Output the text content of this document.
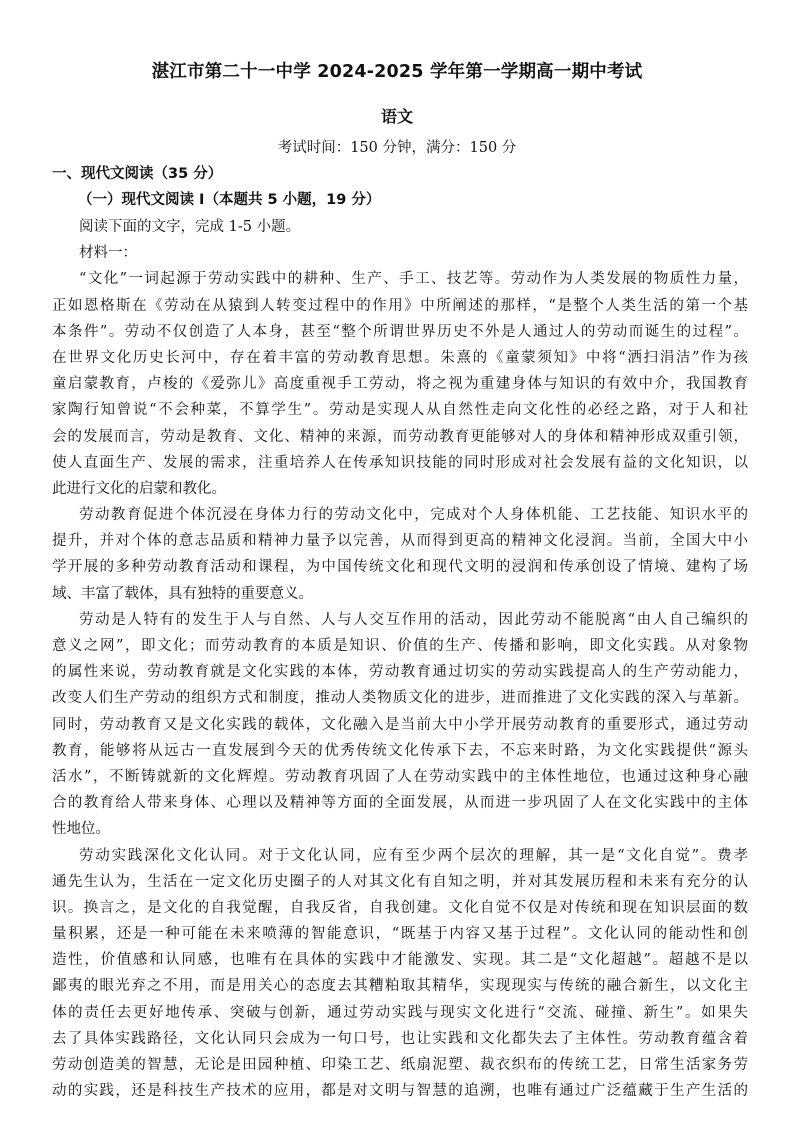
湛江市第二十一中学 2024-2025 学年第一学期高一期中考试
语文
考试时间：150 分钟，满分：150 分
一、现代文阅读（35 分）
（一）现代文阅读 I（本题共 5 小题，19 分）
阅读下面的文字，完成 1-5 小题。
材料一：
“文化”一词起源于劳动实践中的耕种、生产、手工、技艺等。劳动作为人类发展的物质性力量，
正如恩格斯在《劳动在从猿到人转变过程中的作用》中所阐述的那样，“是整个人类生活的第一个基
本条件”。劳动不仅创造了人本身，甚至“整个所谓世界历史不外是人通过人的劳动而诞生的过程”。
在世界文化历史长河中，存在着丰富的劳动教育思想。朱熹的《童蒙须知》中将“洒扫涓洁”作为孩
童启蒙教育，卢梭的《爱弥儿》高度重视手工劳动，将之视为重建身体与知识的有效中介，我国教育
家陶行知曾说“不会种菜，不算学生”。劳动是实现人从自然性走向文化性的必经之路，对于人和社
会的发展而言，劳动是教育、文化、精神的来源，而劳动教育更能够对人的身体和精神形成双重引领，
使人直面生产、发展的需求，注重培养人在传承知识技能的同时形成对社会发展有益的文化知识，以
此进行文化的启蒙和教化。
劳动教育促进个体沉浸在身体力行的劳动文化中，完成对个人身体机能、工艺技能、知识水平的
提升，并对个体的意志品质和精神力量予以完善，从而得到更高的精神文化浸润。当前，全国大中小
学开展的多种劳动教育活动和课程，为中国传统文化和现代文明的浸润和传承创设了情境、建构了场
域、丰富了载体，具有独特的重要意义。
劳动是人特有的发生于人与自然、人与人交互作用的活动，因此劳动不能脱离“由人自己编织的
意义之网”，即文化；而劳动教育的本质是知识、价值的生产、传播和影响，即文化实践。从对象物
的属性来说，劳动教育就是文化实践的本体，劳动教育通过切实的劳动实践提高人的生产劳动能力，
改变人们生产劳动的组织方式和制度，推动人类物质文化的进步，进而推进了文化实践的深入与革新。
同时，劳动教育又是文化实践的载体，文化融入是当前大中小学开展劳动教育的重要形式，通过劳动
教育，能够将从远古一直发展到今天的优秀传统文化传承下去，不忘来时路，为文化实践提供“源头
活水”，不断铸就新的文化辉煌。劳动教育巩固了人在劳动实践中的主体性地位，也通过这种身心融
合的教育给人带来身体、心理以及精神等方面的全面发展，从而进一步巩固了人在文化实践中的主体
性地位。
劳动实践深化文化认同。对于文化认同，应有至少两个层次的理解，其一是“文化自觉”。费孝
通先生认为，生活在一定文化历史圈子的人对其文化有自知之明，并对其发展历程和未来有充分的认
识。换言之，是文化的自我觉醒，自我反省，自我创建。文化自觉不仅是对传统和现在知识层面的数
量积累，还是一种可能在未来喷薄的智能意识，“既基于内容又基于过程”。文化认同的能动性和创
造性，价值感和认同感，也唯有在具体的实践中才能激发、实现。其二是“文化超越”。超越不是以
鄙夷的眼光弃之不用，而是用关心的态度去其糟粕取其精华，实现现实与传统的融合新生，以文化主
体的责任去更好地传承、突破与创新，通过劳动实践与现实文化进行“交流、碰撞、新生”。如果失
去了具体实践路径，文化认同只会成为一句口号，也让实践和文化都失去了主体性。劳动教育蕴含着
劳动创造美的智慧，无论是田园种植、印染工艺、纸扇泥塑、裁衣织布的传统工艺，日常生活家务劳
动的实践，还是科技生产技术的应用，都是对文明与智慧的追溯，也唯有通过广泛蕴藏于生产生活的
